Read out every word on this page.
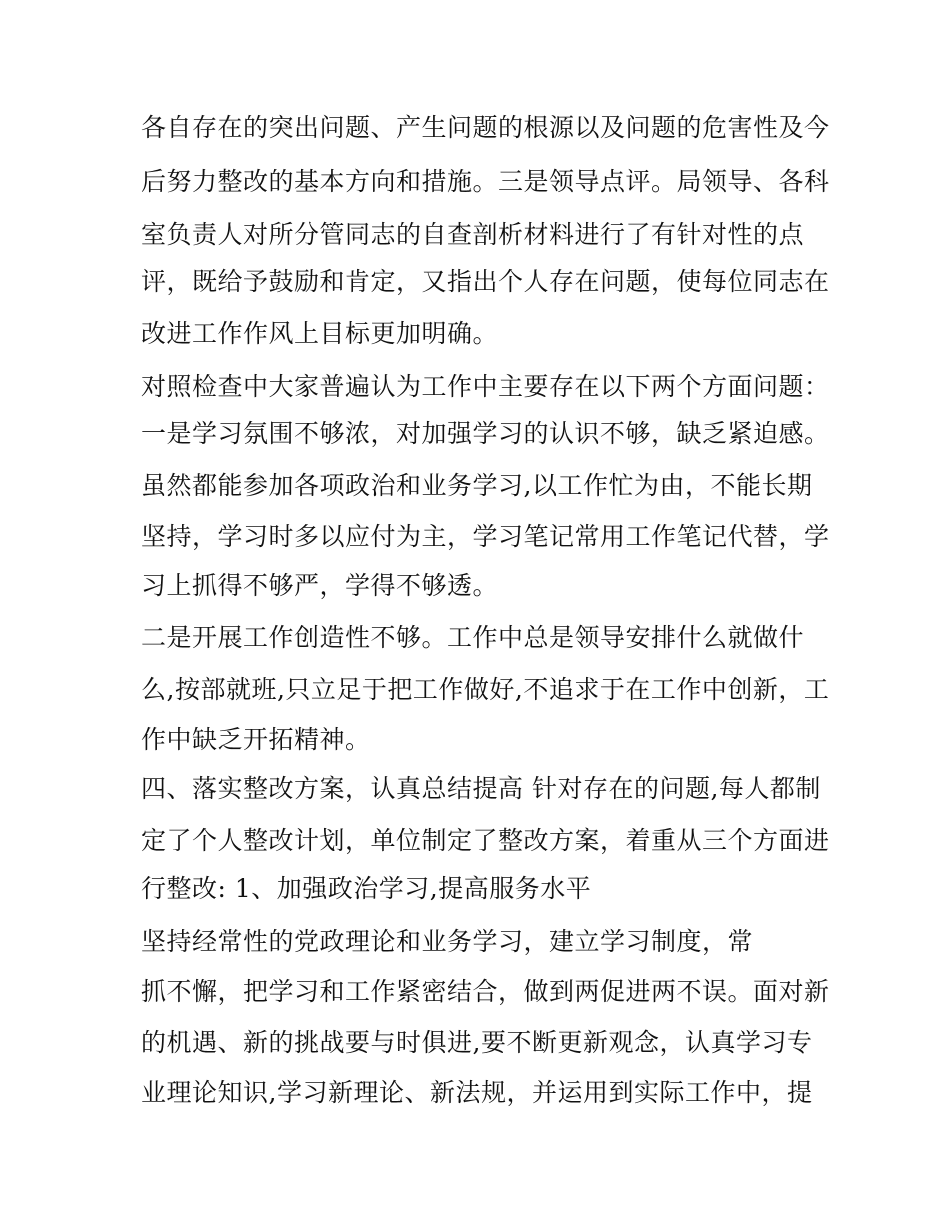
各自存在的突出问题、产生问题的根源以及问题的危害性及今
后努力整改的基本方向和措施。三是领导点评。局领导、各科
室负责人对所分管同志的自查剖析材料进行了有针对性的点
评，既给予鼓励和肯定，又指出个人存在问题，使每位同志在
改进工作作风上目标更加明确。
对照检查中大家普遍认为工作中主要存在以下两个方面问题：
一是学习氛围不够浓，对加强学习的认识不够，缺乏紧迫感。
虽然都能参加各项政治和业务学习,以工作忙为由，不能长期
坚持，学习时多以应付为主，学习笔记常用工作笔记代替，学
习上抓得不够严，学得不够透。
二是开展工作创造性不够。工作中总是领导安排什么就做什
么,按部就班,只立足于把工作做好,不追求于在工作中创新，工
作中缺乏开拓精神。
四、落实整改方案，认真总结提高 针对存在的问题,每人都制
定了个人整改计划，单位制定了整改方案，着重从三个方面进
行整改: 1、加强政治学习,提高服务水平
坚持经常性的党政理论和业务学习，建立学习制度，常
抓不懈，把学习和工作紧密结合，做到两促进两不误。面对新
的机遇、新的挑战要与时俱进,要不断更新观念，认真学习专
业理论知识,学习新理论、新法规，并运用到实际工作中，提
